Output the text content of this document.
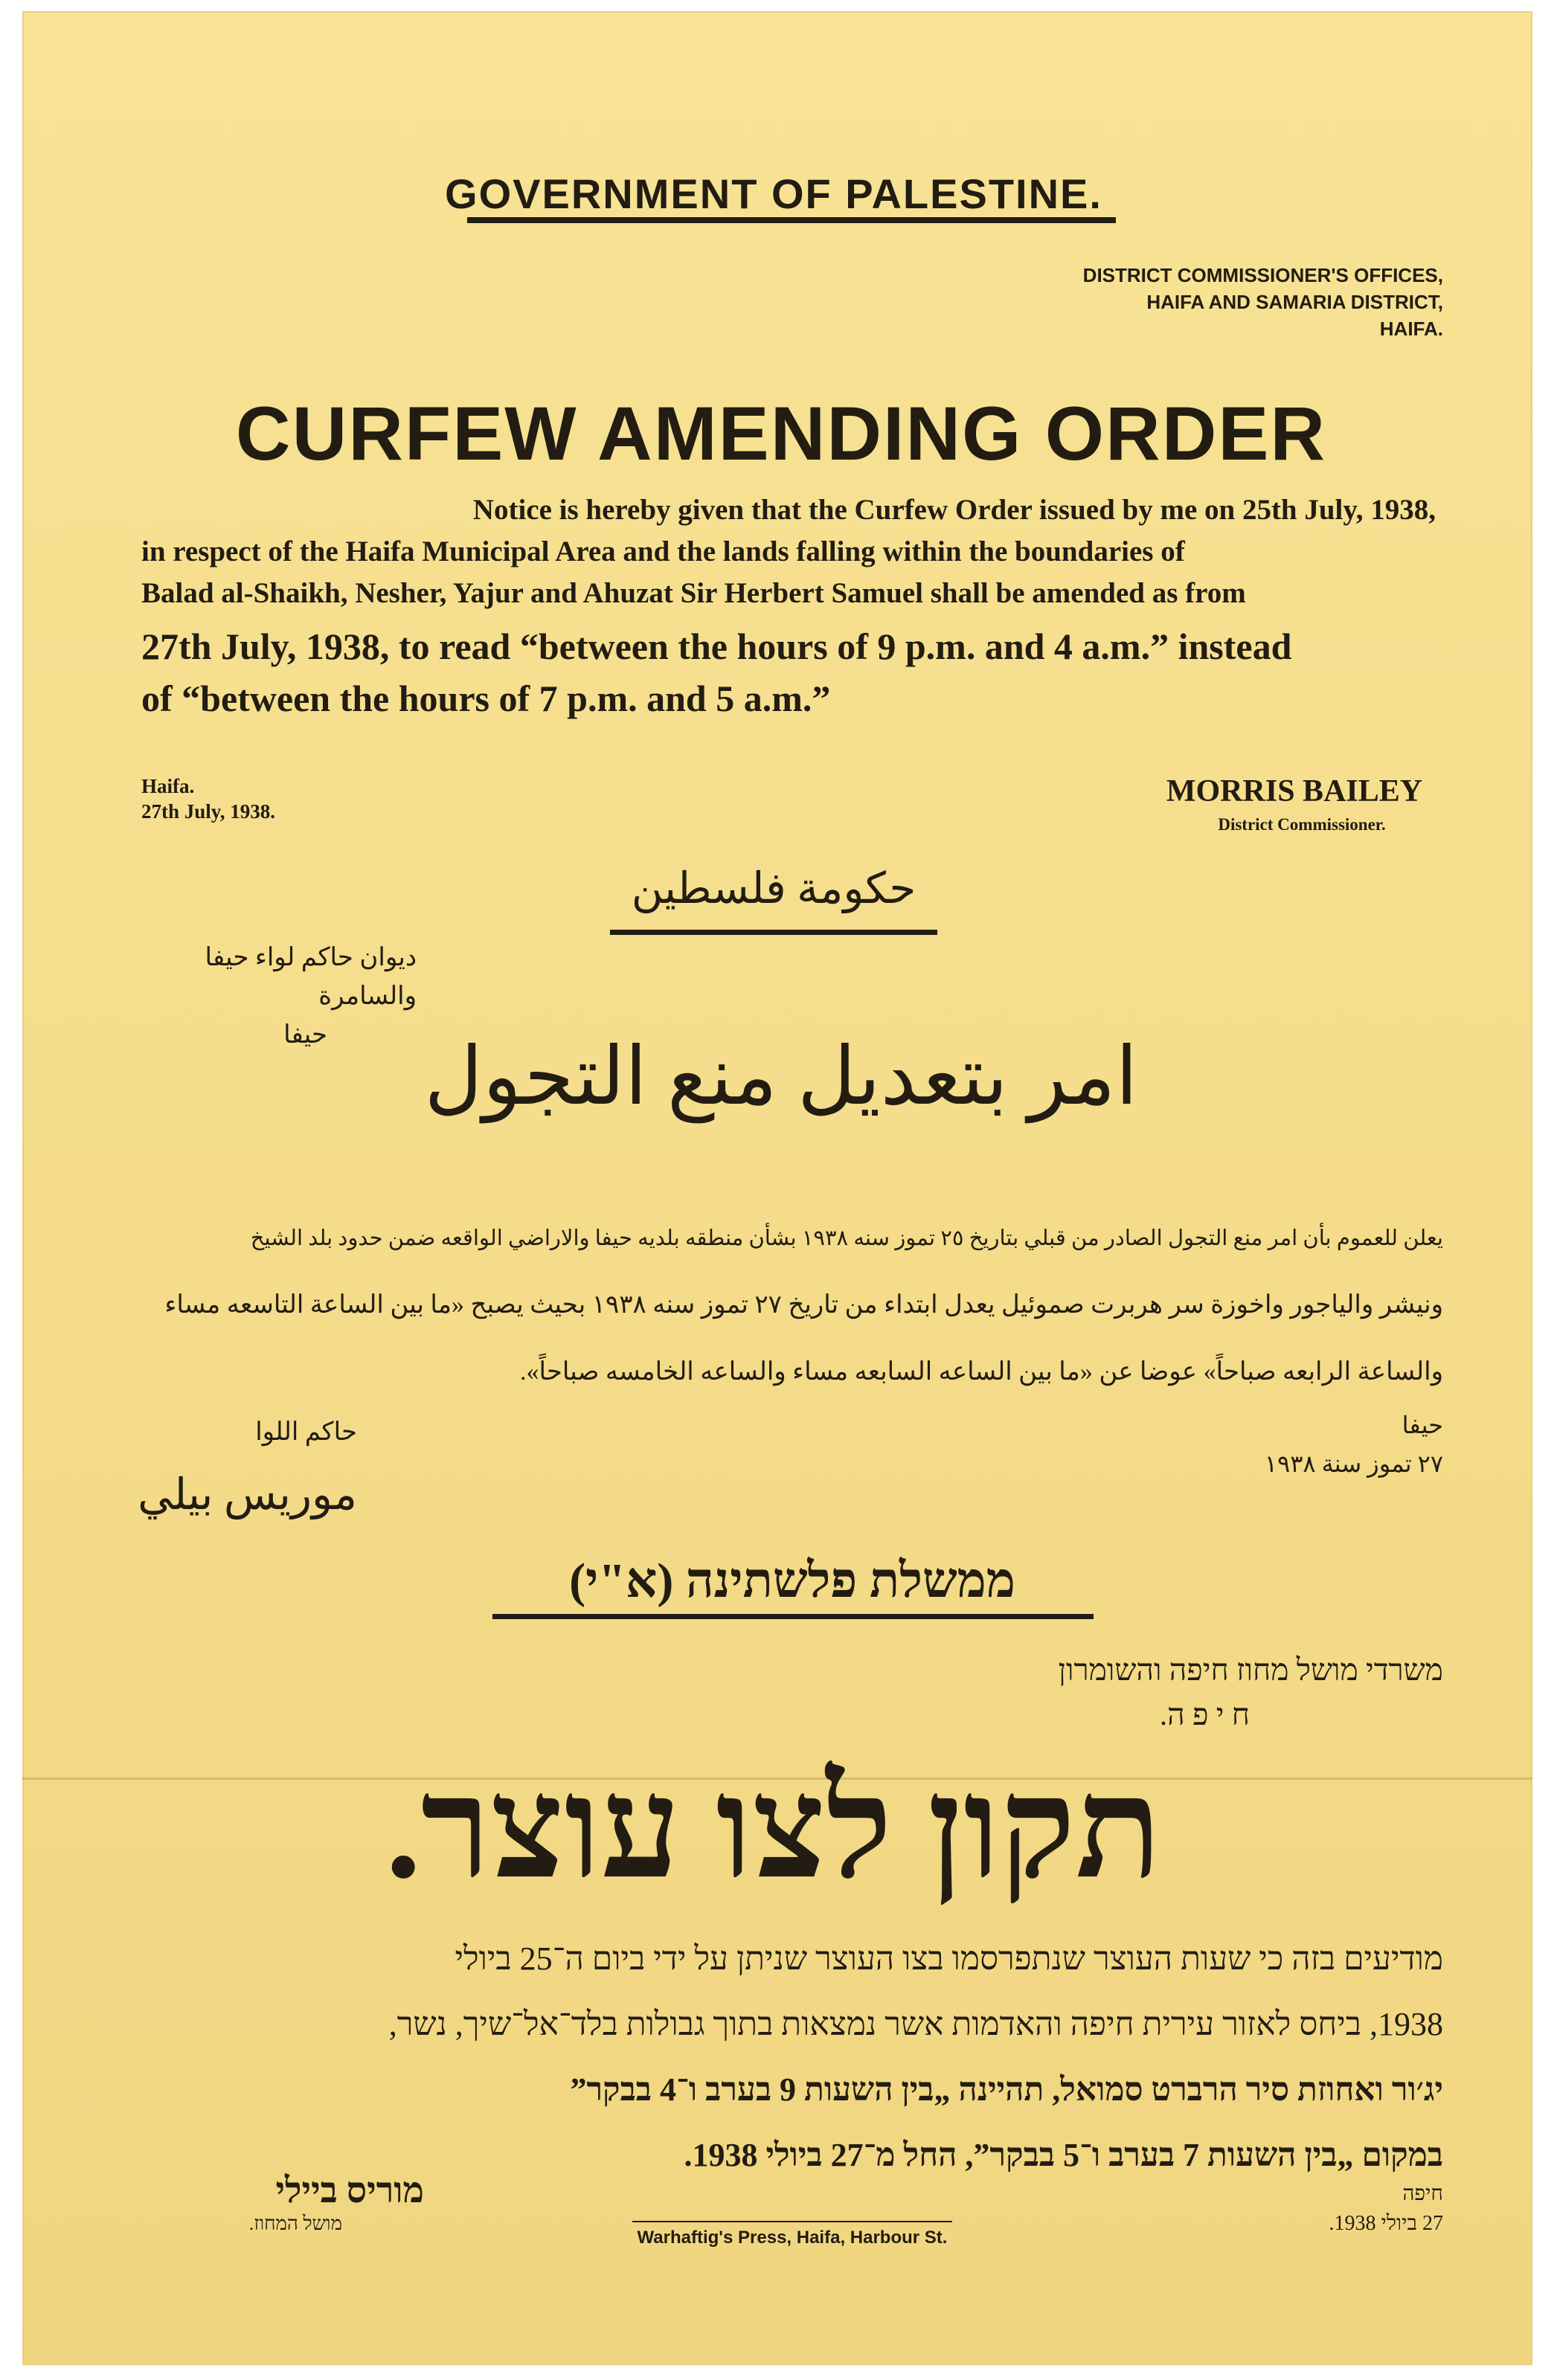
GOVERNMENT OF PALESTINE.
DISTRICT COMMISSIONER'S OFFICES,
HAIFA AND SAMARIA DISTRICT,
HAIFA.
CURFEW AMENDING ORDER
Notice is hereby given that the Curfew Order issued by me on 25th July, 1938,
in respect of the Haifa Municipal Area and the lands falling within the boundaries of
Balad al-Shaikh, Nesher, Yajur and Ahuzat Sir Herbert Samuel shall be amended as from
27th July, 1938, to read “between the hours of 9 p.m. and 4 a.m.” instead
of “between the hours of 7 p.m. and 5 a.m.”
Haifa.
27th July, 1938.
MORRIS BAILEY
District Commissioner.
حكومة فلسطين
ديوان حاكم لواء حيفا والسامرة
حيفا	امر بتعديل منع التجول
يعلن للعموم بأن امر منع التجول الصادر من قبلي بتاريخ ٢٥ تموز سنه ١٩٣٨ بشأن منطقه بلديه حيفا والاراضي الواقعه ضمن حدود بلد الشيخ
ونيشر والياجور واخوزة سر هربرت صموئيل يعدل ابتداء من تاريخ ٢٧ تموز سنه ١٩٣٨ بحيث يصبح «ما بين الساعة التاسعه مساء
والساعة الرابعه صباحاً» عوضا عن «ما بين الساعه السابعه مساء والساعه الخامسه صباحاً».
حاكم اللوا
موريس بيلي
حيفا
٢٧ تموز سنة ١٩٣٨
ממשלת פלשתינה (א"י)
משרדי מושל מחוז חיפה והשומרון
ח י פ ה.
תקון לצו עוצר.
מודיעים בזה כי שעות העוצר שנתפרסמו בצו העוצר שניתן על ידי ביום ה־25 ביולי
1938, ביחס לאזור עירית חיפה והאדמות אשר נמצאות בתוך גבולות בלד־אל־שיך, נשר,
יג׳ור ואחוזת סיר הרברט סמואל, תהיינה „בין השעות 9 בערב ו־4 בבקר”
במקום „בין השעות 7 בערב ו־5 בבקר”, החל מ־27 ביולי 1938.
מוריס ביילי
מושל המחוז.
חיפה
27 ביולי 1938.
Warhaftig's Press, Haifa, Harbour St.
